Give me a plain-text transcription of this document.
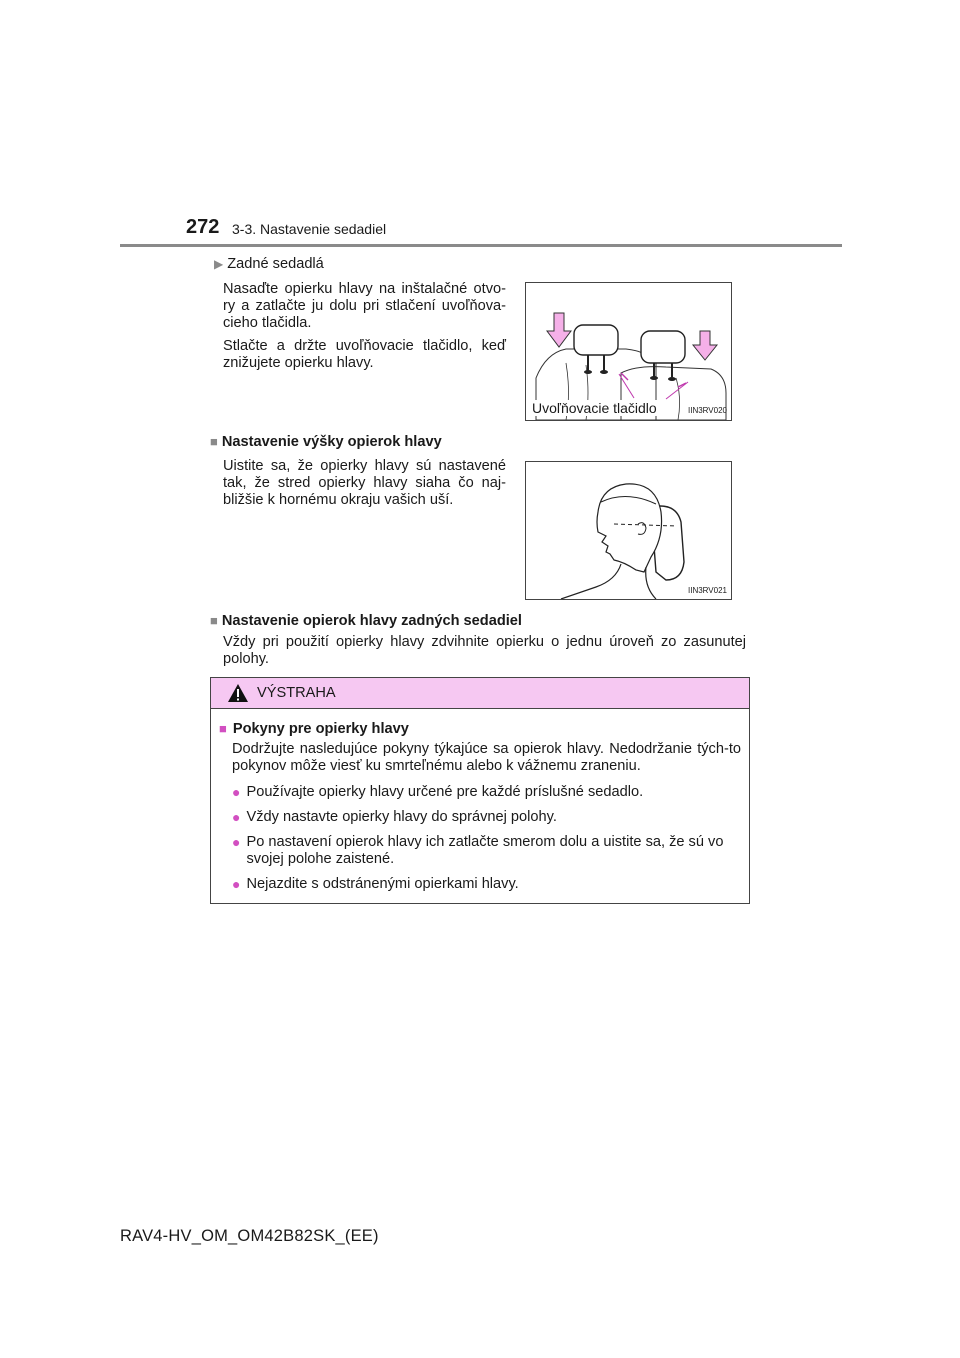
272 3-3. Nastavenie sedadiel
▶ Zadné sedadlá
Nasaďte opierku hlavy na inštalačné otvo-ry a zatlačte ju dolu pri stlačení uvoľňova-cieho tlačidla.
Stlačte a držte uvoľňovacie tlačidlo, keď znižujete opierku hlavy.
Uvoľňovacie tlačidlo	IIN3RV020
■ Nastavenie výšky opierok hlavy
Uistite sa, že opierky hlavy sú nastavené tak, že stred opierky hlavy siaha čo naj-bližšie k hornému okraju vašich uší.
IIN3RV021
■ Nastavenie opierok hlavy zadných sedadiel
Vždy pri použití opierky hlavy zdvihnite opierku o jednu úroveň zo zasunutej polohy.
VÝSTRAHA
■ Pokyny pre opierky hlavy
Dodržujte nasledujúce pokyny týkajúce sa opierok hlavy. Nedodržanie tých-to pokynov môže viesť ku smrteľnému alebo k vážnemu zraneniu.
● Používajte opierky hlavy určené pre každé príslušné sedadlo.
● Vždy nastavte opierky hlavy do správnej polohy.
● Po nastavení opierok hlavy ich zatlačte smerom dolu a uistite sa, že sú vo svojej polohe zaistené.
● Nejazdite s odstránenými opierkami hlavy.
RAV4-HV_OM_OM42B82SK_(EE)
